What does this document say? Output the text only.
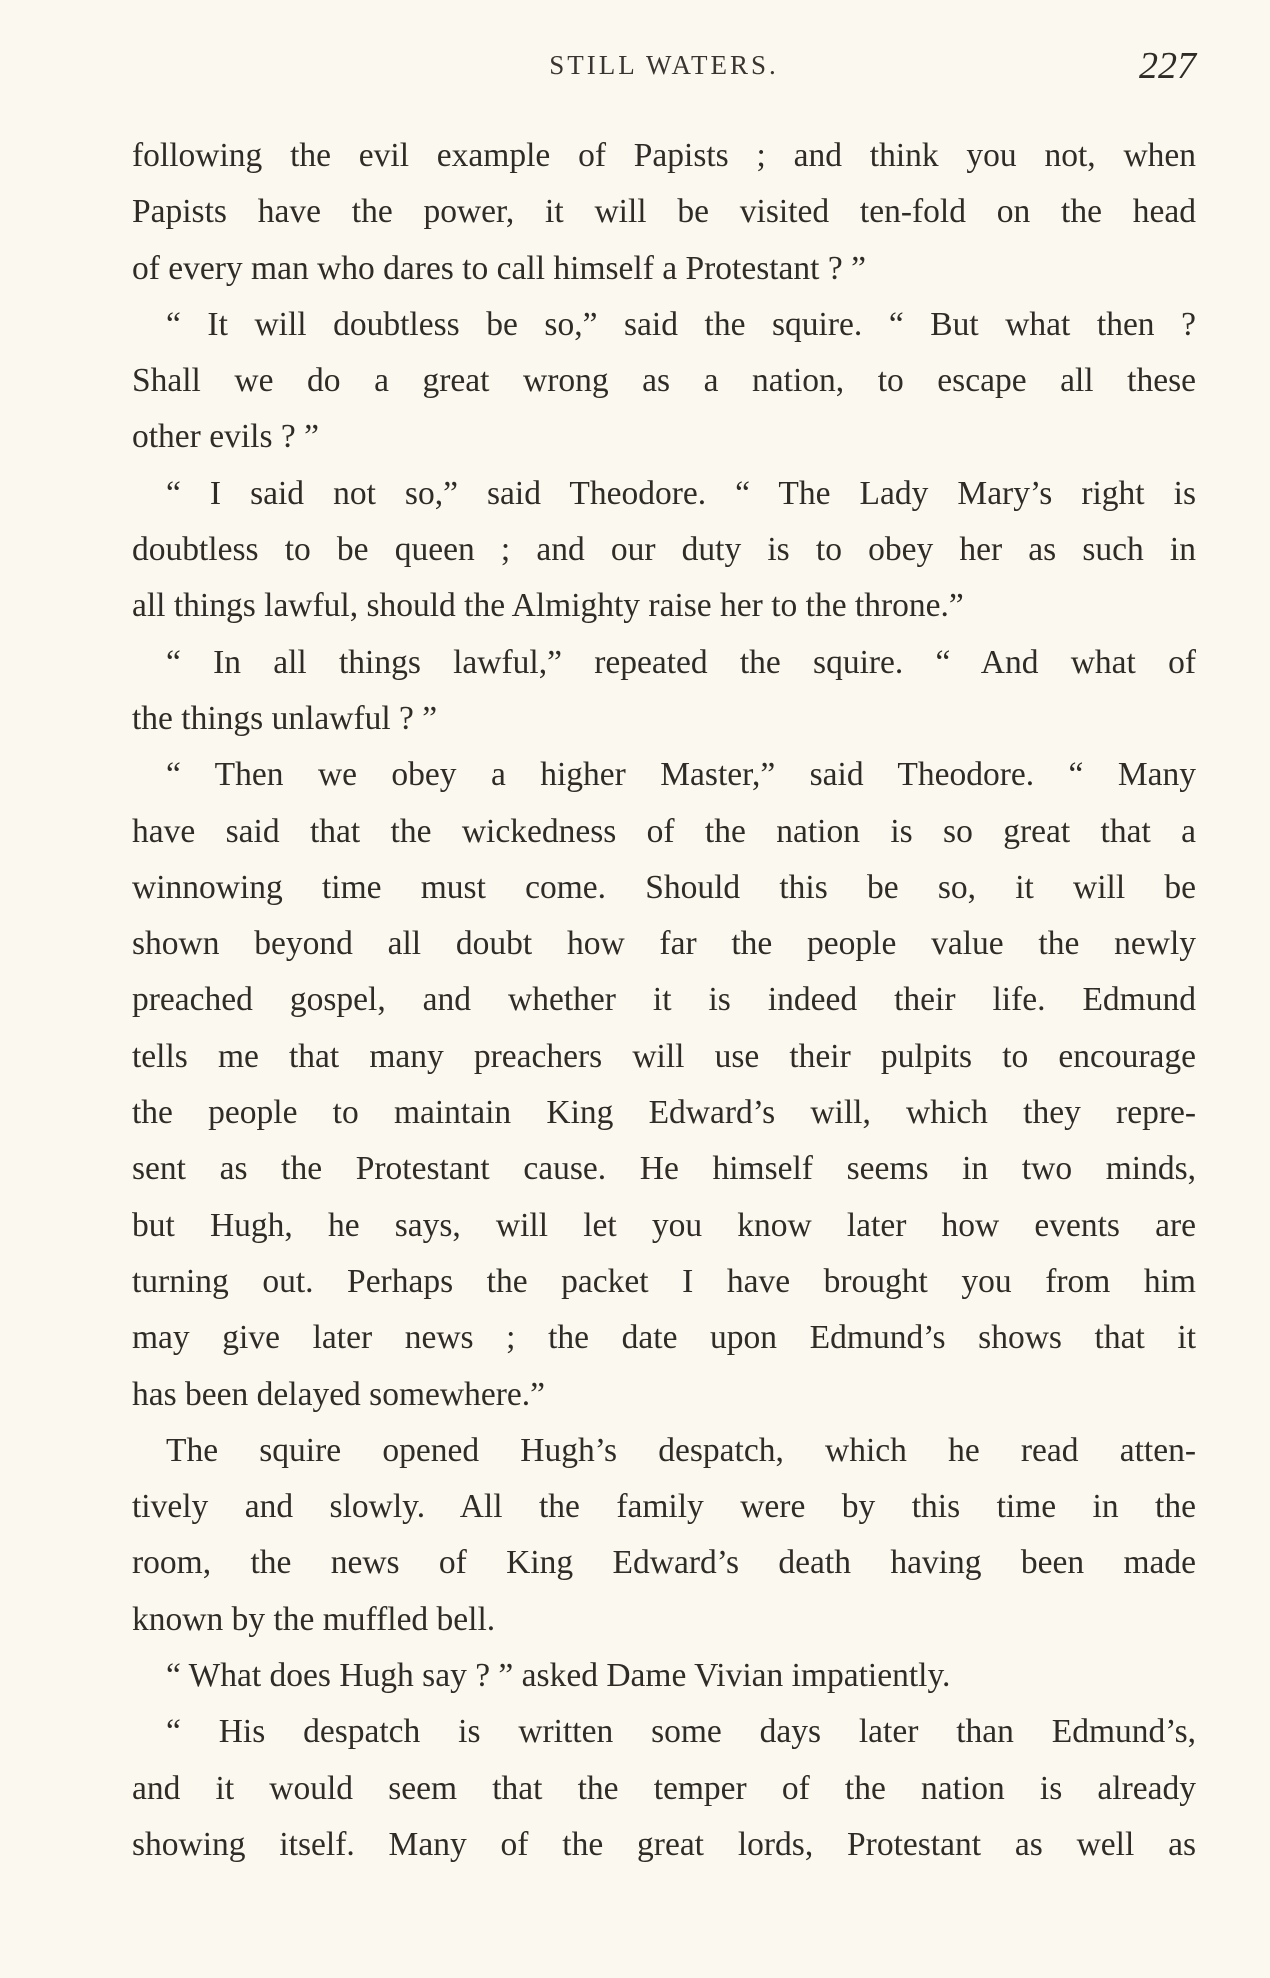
STILL WATERS.	227
following the evil example of Papists ; and think you not, when
Papists have the power, it will be visited ten-fold on the head
of every man who dares to call himself a Protestant ? ”
“ It will doubtless be so,” said the squire. “ But what then ?
Shall we do a great wrong as a nation, to escape all these
other evils ? ”
“ I said not so,” said Theodore. “ The Lady Mary’s right is
doubtless to be queen ; and our duty is to obey her as such in
all things lawful, should the Almighty raise her to the throne.”
“ In all things lawful,” repeated the squire. “ And what of
the things unlawful ? ”
“ Then we obey a higher Master,” said Theodore. “ Many
have said that the wickedness of the nation is so great that a
winnowing time must come. Should this be so, it will be
shown beyond all doubt how far the people value the newly
preached gospel, and whether it is indeed their life. Edmund
tells me that many preachers will use their pulpits to encourage
the people to maintain King Edward’s will, which they repre-
sent as the Protestant cause. He himself seems in two minds,
but Hugh, he says, will let you know later how events are
turning out. Perhaps the packet I have brought you from him
may give later news ; the date upon Edmund’s shows that it
has been delayed somewhere.”
The squire opened Hugh’s despatch, which he read atten-
tively and slowly. All the family were by this time in the
room, the news of King Edward’s death having been made
known by the muffled bell.
“ What does Hugh say ? ” asked Dame Vivian impatiently.
“ His despatch is written some days later than Edmund’s,
and it would seem that the temper of the nation is already
showing itself. Many of the great lords, Protestant as well as
